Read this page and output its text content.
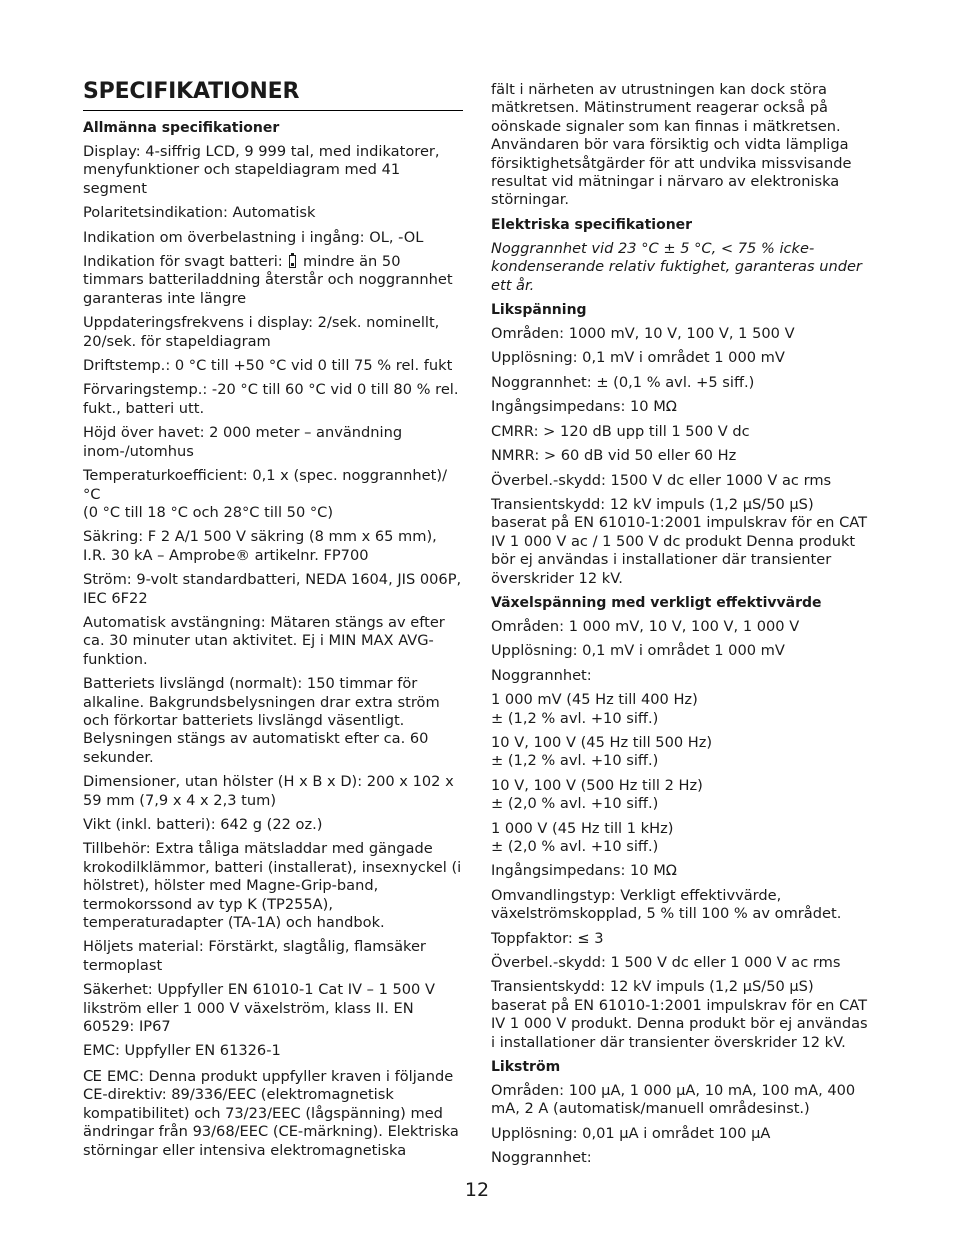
SPECIFIKATIONER
Allmänna specifikationer

Display: 4-siffrig LCD, 9 999 tal, med indikatorer, menyfunktioner och stapeldiagram med 41 segment

Polaritetsindikation: Automatisk

Indikation om överbelastning i ingång: OL, -OL

Indikation för svagt batteri: mindre än 50 timmars batteriladdning återstår och noggrannhet garanteras inte längre

Uppdateringsfrekvens i display: 2/sek. nominellt, 20/sek. för stapeldiagram

Driftstemp.: 0 °C till +50 °C vid 0 till 75 % rel. fukt

Förvaringstemp.: -20 °C till 60 °C vid 0 till 80 % rel. fukt., batteri utt.

Höjd över havet: 2 000 meter – användning inom-/utomhus

Temperaturkoefficient: 0,1 x (spec. noggrannhet)/ °C
(0 °C till 18 °C och 28°C till 50 °C)

Säkring: F 2 A/1 500 V säkring (8 mm x 65 mm), I.R. 30 kA – Amprobe® artikelnr. FP700

Ström: 9-volt standardbatteri, NEDA 1604, JIS 006P, IEC 6F22

Automatisk avstängning: Mätaren stängs av efter ca. 30 minuter utan aktivitet. Ej i MIN MAX AVG-funktion.

Batteriets livslängd (normalt): 150 timmar för alkaline. Bakgrundsbelysningen drar extra ström och förkortar batteriets livslängd väsentligt. Belysningen stängs av automatiskt efter ca. 60 sekunder.

Dimensioner, utan hölster (H x B x D): 200 x 102 x 59 mm (7,9 x 4 x 2,3 tum)

Vikt (inkl. batteri): 642 g (22 oz.)

Tillbehör: Extra tåliga mätsladdar med gängade krokodilklämmor, batteri (installerat), insexnyckel (i hölstret), hölster med Magne-Grip-band, termokorssond av typ K (TP255A), temperaturadapter (TA-1A) och handbok.

Höljets material: Förstärkt, slagtålig, flamsäker termoplast

Säkerhet: Uppfyller EN 61010-1 Cat IV – 1 500 V likström eller 1 000 V växelström, klass II. EN 60529: IP67

EMC: Uppfyller EN 61326-1

CE EMC: Denna produkt uppfyller kraven i följande CE-direktiv: 89/336/EEC (elektromagnetisk kompatibilitet) och 73/23/EEC (lågspänning) med ändringar från 93/68/EEC (CE-märkning). Elektriska störningar eller intensiva elektromagnetiska

fält i närheten av utrustningen kan dock störa mätkretsen. Mätinstrument reagerar också på oönskade signaler som kan finnas i mätkretsen. Användaren bör vara försiktig och vidta lämpliga försiktighetsåtgärder för att undvika missvisande resultat vid mätningar i närvaro av elektroniska störningar.

Elektriska specifikationer

Noggrannhet vid 23 °C ± 5 °C, < 75 % icke-kondenserande relativ fuktighet, garanteras under ett år.

Likspänning

Områden: 1000 mV, 10 V, 100 V, 1 500 V

Upplösning: 0,1 mV i området 1 000 mV

Noggrannhet: ± (0,1 % avl. +5 siff.)

Ingångsimpedans: 10 MΩ

CMRR: > 120 dB upp till 1 500 V dc

NMRR: > 60 dB vid 50 eller 60 Hz

Överbel.-skydd: 1500 V dc eller 1000 V ac rms

Transientskydd: 12 kV impuls (1,2 µS/50 µS) baserat på EN 61010-1:2001 impulskrav för en CAT IV 1 000 V ac / 1 500 V dc produkt Denna produkt bör ej användas i installationer där transienter överskrider 12 kV.

Växelspänning med verkligt effektivvärde

Områden: 1 000 mV, 10 V, 100 V, 1 000 V

Upplösning: 0,1 mV i området 1 000 mV

Noggrannhet:

1 000 mV (45 Hz till 400 Hz)
± (1,2 % avl. +10 siff.)

10 V, 100 V (45 Hz till 500 Hz)
± (1,2 % avl. +10 siff.)

10 V, 100 V (500 Hz till 2 Hz)
± (2,0 % avl. +10 siff.)

1 000 V (45 Hz till 1 kHz)
± (2,0 % avl. +10 siff.)

Ingångsimpedans: 10 MΩ

Omvandlingstyp: Verkligt effektivvärde, växelströmskopplad, 5 % till 100 % av området.

Toppfaktor: ≤ 3

Överbel.-skydd: 1 500 V dc eller 1 000 V ac rms

Transientskydd: 12 kV impuls (1,2 µS/50 µS) baserat på EN 61010-1:2001 impulskrav för en CAT IV 1 000 V produkt. Denna produkt bör ej användas i installationer där transienter överskrider 12 kV.

Likström

Områden: 100 µA, 1 000 µA, 10 mA, 100 mA, 400 mA, 2 A (automatisk/manuell områdesinst.)

Upplösning: 0,01 µA i området 100 µA

Noggrannhet:

12
